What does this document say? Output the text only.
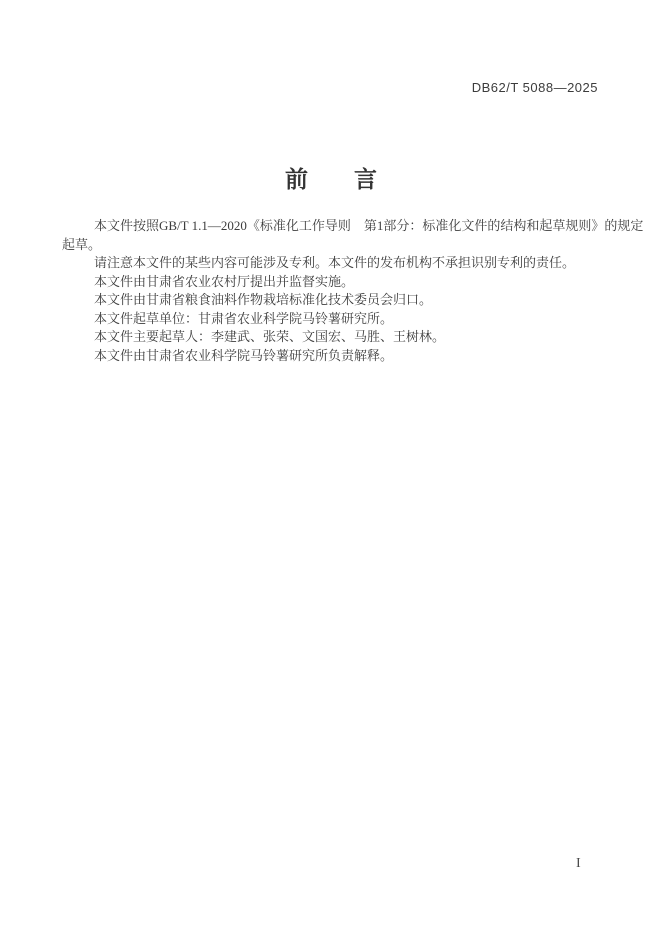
DB62/T 5088—2025
前　　言
本文件按照GB/T 1.1—2020《标准化工作导则　第1部分：标准化文件的结构和起草规则》的规定
起草。
请注意本文件的某些内容可能涉及专利。本文件的发布机构不承担识别专利的责任。
本文件由甘肃省农业农村厅提出并监督实施。
本文件由甘肃省粮食油料作物栽培标准化技术委员会归口。
本文件起草单位：甘肃省农业科学院马铃薯研究所。
本文件主要起草人：李建武、张荣、文国宏、马胜、王树林。
本文件由甘肃省农业科学院马铃薯研究所负责解释。
I
